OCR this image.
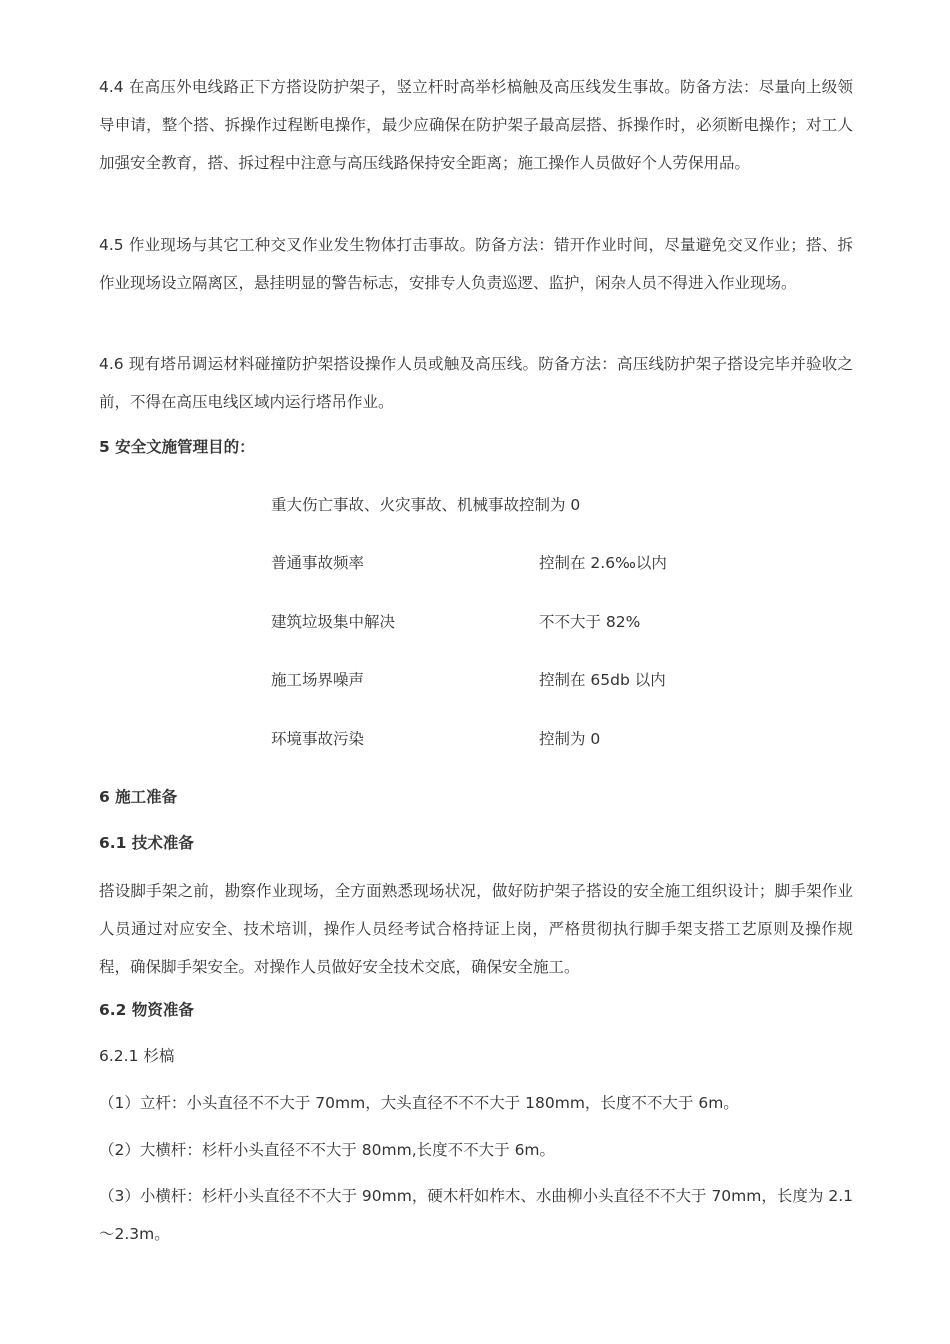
4.4 在高压外电线路正下方搭设防护架子，竖立杆时高举杉槁触及高压线发生事故。防备方法：尽量向上级领导申请，整个搭、拆操作过程断电操作，最少应确保在防护架子最高层搭、拆操作时，必须断电操作；对工人加强安全教育，搭、拆过程中注意与高压线路保持安全距离；施工操作人员做好个人劳保用品。

4.5 作业现场与其它工种交叉作业发生物体打击事故。防备方法：错开作业时间，尽量避免交叉作业；搭、拆作业现场设立隔离区，悬挂明显的警告标志，安排专人负责巡逻、监护，闲杂人员不得进入作业现场。

4.6 现有塔吊调运材料碰撞防护架搭设操作人员或触及高压线。防备方法：高压线防护架子搭设完毕并验收之前，不得在高压电线区域内运行塔吊作业。

5 安全文施管理目的：

重大伤亡事故、火灾事故、机械事故控制为 0

普通事故频率	控制在 2.6‰以内

建筑垃圾集中解决	不不大于 82%

施工场界噪声	控制在 65db 以内

环境事故污染	控制为 0

6 施工准备

6.1 技术准备

搭设脚手架之前，勘察作业现场，全方面熟悉现场状况，做好防护架子搭设的安全施工组织设计；脚手架作业人员通过对应安全、技术培训，操作人员经考试合格持证上岗，严格贯彻执行脚手架支搭工艺原则及操作规程，确保脚手架安全。对操作人员做好安全技术交底，确保安全施工。

6.2 物资准备

6.2.1 杉槁

（1）立杆：小头直径不不大于 70mm，大头直径不不不大于 180mm，长度不不大于 6m。

（2）大横杆：杉杆小头直径不不大于 80mm,长度不不大于 6m。

（3）小横杆：杉杆小头直径不不大于 90mm，硬木杆如柞木、水曲柳小头直径不不大于 70mm，长度为 2.1～2.3m。
